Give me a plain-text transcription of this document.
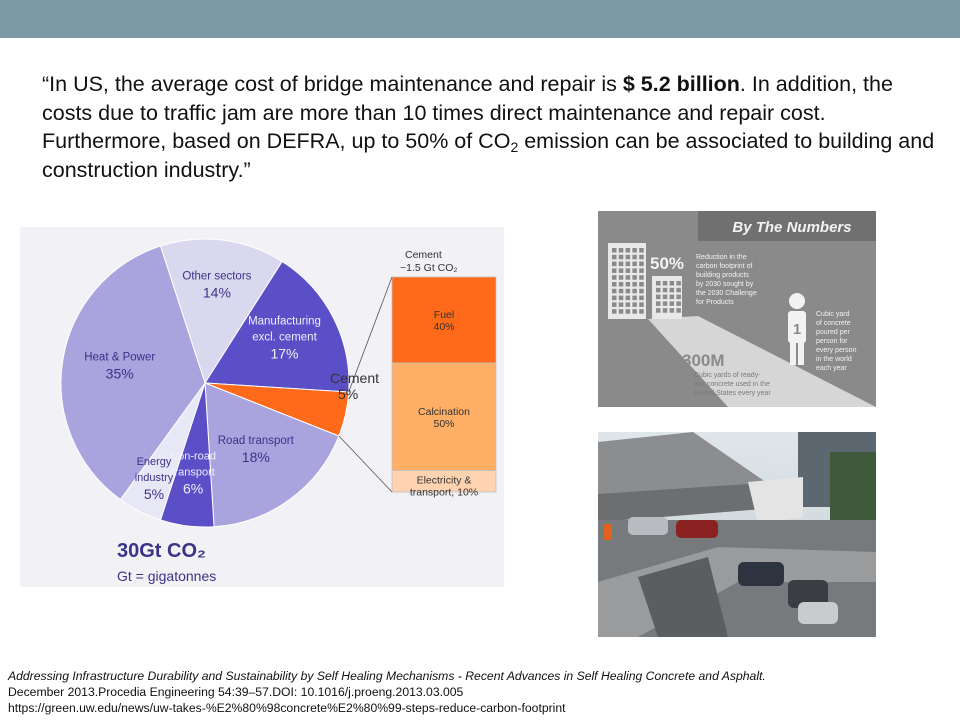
“In US, the average cost of bridge maintenance and repair is $ 5.2 billion. In addition, the costs due to traffic jam are more than 10 times direct maintenance and repair cost. Furthermore, based on DEFRA, up to 50% of $CO_2$ emission can be associated to building and construction industry.”
Other sectors 14%
Manufacturing excl. cement 17%
Road transport 18%
Non-road transport 6%
Energy industry 5%
Heat & Power 35%
Fuel 40%
Calcination 50%
Electricity & transport, 10%
Cement ~1.5 Gt CO₂
Cement 5%
30Gt CO₂
Gt = gigatonnes
By The Numbers
50% Reduction in the carbon footprint of building products by 2030 sought by the 2030 Challenge for Products
1
Cubic yard of concrete poured per person for every person in the world each year
300M
Cubic yards of ready-mix concrete used in the United States every year
Addressing Infrastructure Durability and Sustainability by Self Healing Mechanisms - Recent Advances in Self Healing Concrete and Asphalt.
December 2013.Procedia Engineering 54:39–57.DOI: 10.1016/j.proeng.2013.03.005
https://green.uw.edu/news/uw-takes-%E2%80%98concrete%E2%80%99-steps-reduce-carbon-footprint
